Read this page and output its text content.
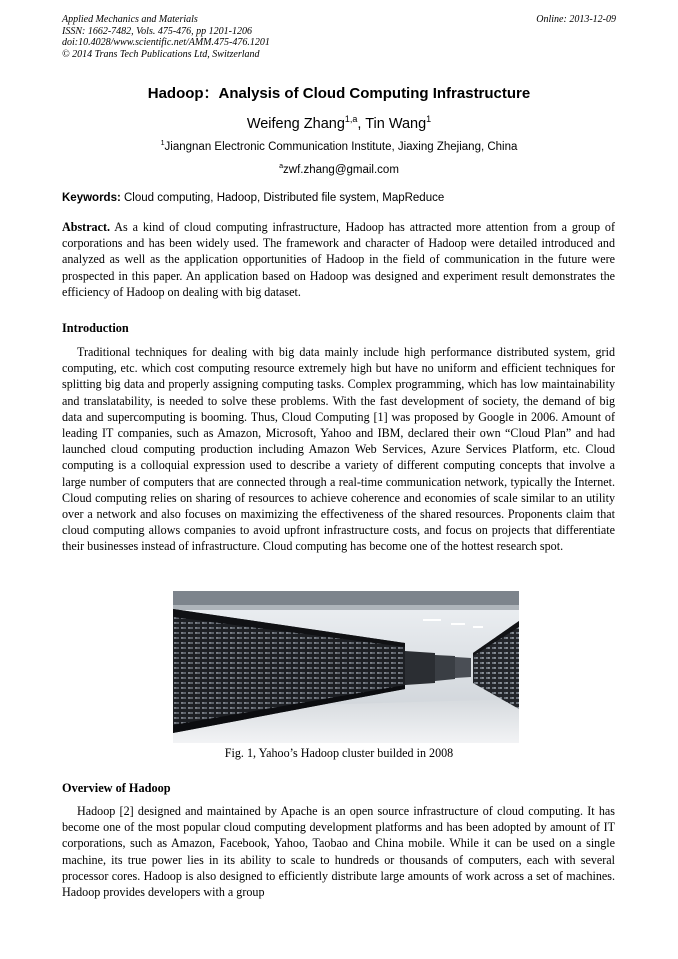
Applied Mechanics and Materials
ISSN: 1662-7482, Vols. 475-476, pp 1201-1206
doi:10.4028/www.scientific.net/AMM.475-476.1201
© 2014 Trans Tech Publications Ltd, Switzerland
Online: 2013-12-09
Hadoop：Analysis of Cloud Computing Infrastructure
Weifeng Zhang$^{1,a}$, Tin Wang$^1$
$^1$Jiangnan Electronic Communication Institute, Jiaxing Zhejiang, China
$^a$zwf.zhang@gmail.com
Keywords: Cloud computing, Hadoop, Distributed file system, MapReduce
Abstract. As a kind of cloud computing infrastructure, Hadoop has attracted more attention from a group of corporations and has been widely used. The framework and character of Hadoop were detailed introduced and analyzed as well as the application opportunities of Hadoop in the field of communication in the future were prospected in this paper. An application based on Hadoop was designed and experiment result demonstrates the efficiency of Hadoop on dealing with big dataset.
Introduction
Traditional techniques for dealing with big data mainly include high performance distributed system, grid computing, etc. which cost computing resource extremely high but have no uniform and efficient techniques for splitting big data and properly assigning computing tasks. Complex programming, which has low maintainability and translatability, is needed to solve these problems. With the fast development of society, the demand of big data and supercomputing is booming. Thus, Cloud Computing [1] was proposed by Google in 2006. Amount of leading IT companies, such as Amazon, Microsoft, Yahoo and IBM, declared their own “Cloud Plan” and had launched cloud computing production including Amazon Web Services, Azure Services Platform, etc. Cloud computing is a colloquial expression used to describe a variety of different computing concepts that involve a large number of computers that are connected through a real-time communication network, typically the Internet. Cloud computing relies on sharing of resources to achieve coherence and economies of scale similar to an utility over a network and also focuses on maximizing the effectiveness of the shared resources. Proponents claim that cloud computing allows companies to avoid upfront infrastructure costs, and focus on projects that differentiate their businesses instead of infrastructure. Cloud computing has become one of the hottest research spot.
Fig. 1, Yahoo’s Hadoop cluster builded in 2008
Overview of Hadoop
Hadoop [2] designed and maintained by Apache is an open source infrastructure of cloud computing. It has become one of the most popular cloud computing development platforms and has been adopted by amount of IT corporations, such as Amazon, Facebook, Yahoo, Taobao and China mobile. While it can be used on a single machine, its true power lies in its ability to scale to hundreds or thousands of computers, each with several processor cores. Hadoop is also designed to efficiently distribute large amounts of work across a set of machines. Hadoop provides developers with a group
